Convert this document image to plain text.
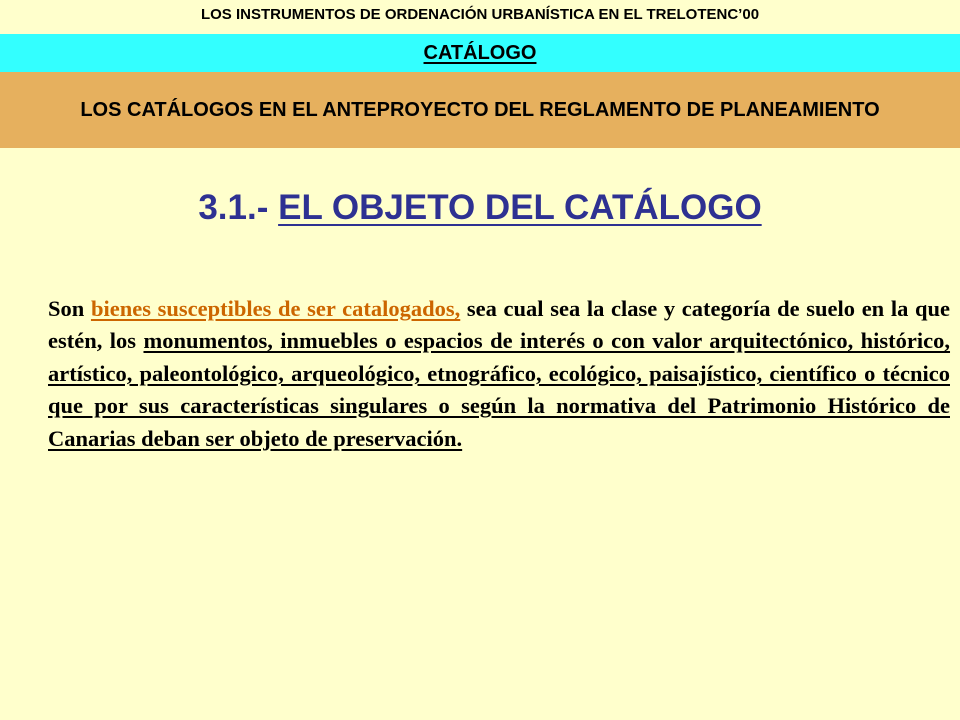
LOS INSTRUMENTOS DE ORDENACIÓN URBANÍSTICA EN EL TRELOTENC’00
CATÁLOGO
LOS CATÁLOGOS EN EL ANTEPROYECTO DEL REGLAMENTO DE PLANEAMIENTO
3.1.- EL OBJETO DEL CATÁLOGO
Son bienes susceptibles de ser catalogados, sea cual sea la clase y categoría de suelo en la que estén, los monumentos, inmuebles o espacios de interés o con valor arquitectónico, histórico, artístico, paleontológico, arqueológico, etnográfico, ecológico, paisajístico, científico o técnico que por sus características singulares o según la normativa del Patrimonio Histórico de Canarias deban ser objeto de preservación.
